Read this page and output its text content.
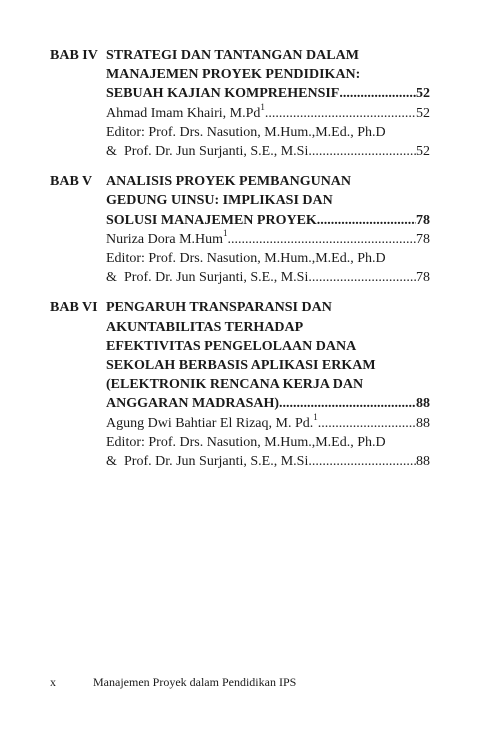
BAB IV STRATEGI DAN TANTANGAN DALAM
MANAJEMEN PROYEK PENDIDIKAN:
SEBUAH KAJIAN KOMPREHENSIF .....	52
Ahmad Imam Khairi, M.Pd$^1$ .....	52
Editor: Prof. Drs. Nasution, M.Hum.,M.Ed., Ph.D
& Prof. Dr. Jun Surjanti, S.E., M.Si .....	52
BAB V ANALISIS PROYEK PEMBANGUNAN
GEDUNG UINSU: IMPLIKASI DAN
SOLUSI MANAJEMEN PROYEK .....	78
Nuriza Dora M.Hum$^1$ .....	78
Editor: Prof. Drs. Nasution, M.Hum.,M.Ed., Ph.D
& Prof. Dr. Jun Surjanti, S.E., M.Si .....	78
BAB VI PENGARUH TRANSPARANSI DAN
AKUNTABILITAS TERHADAP
EFEKTIVITAS PENGELOLAAN DANA
SEKOLAH BERBASIS APLIKASI ERKAM
(ELEKTRONIK RENCANA KERJA DAN
ANGGARAN MADRASAH) .....	88
Agung Dwi Bahtiar El Rizaq, M. Pd.$^1$ .....	88
Editor: Prof. Drs. Nasution, M.Hum.,M.Ed., Ph.D
& Prof. Dr. Jun Surjanti, S.E., M.Si .....	88
x	Manajemen Proyek dalam Pendidikan IPS
